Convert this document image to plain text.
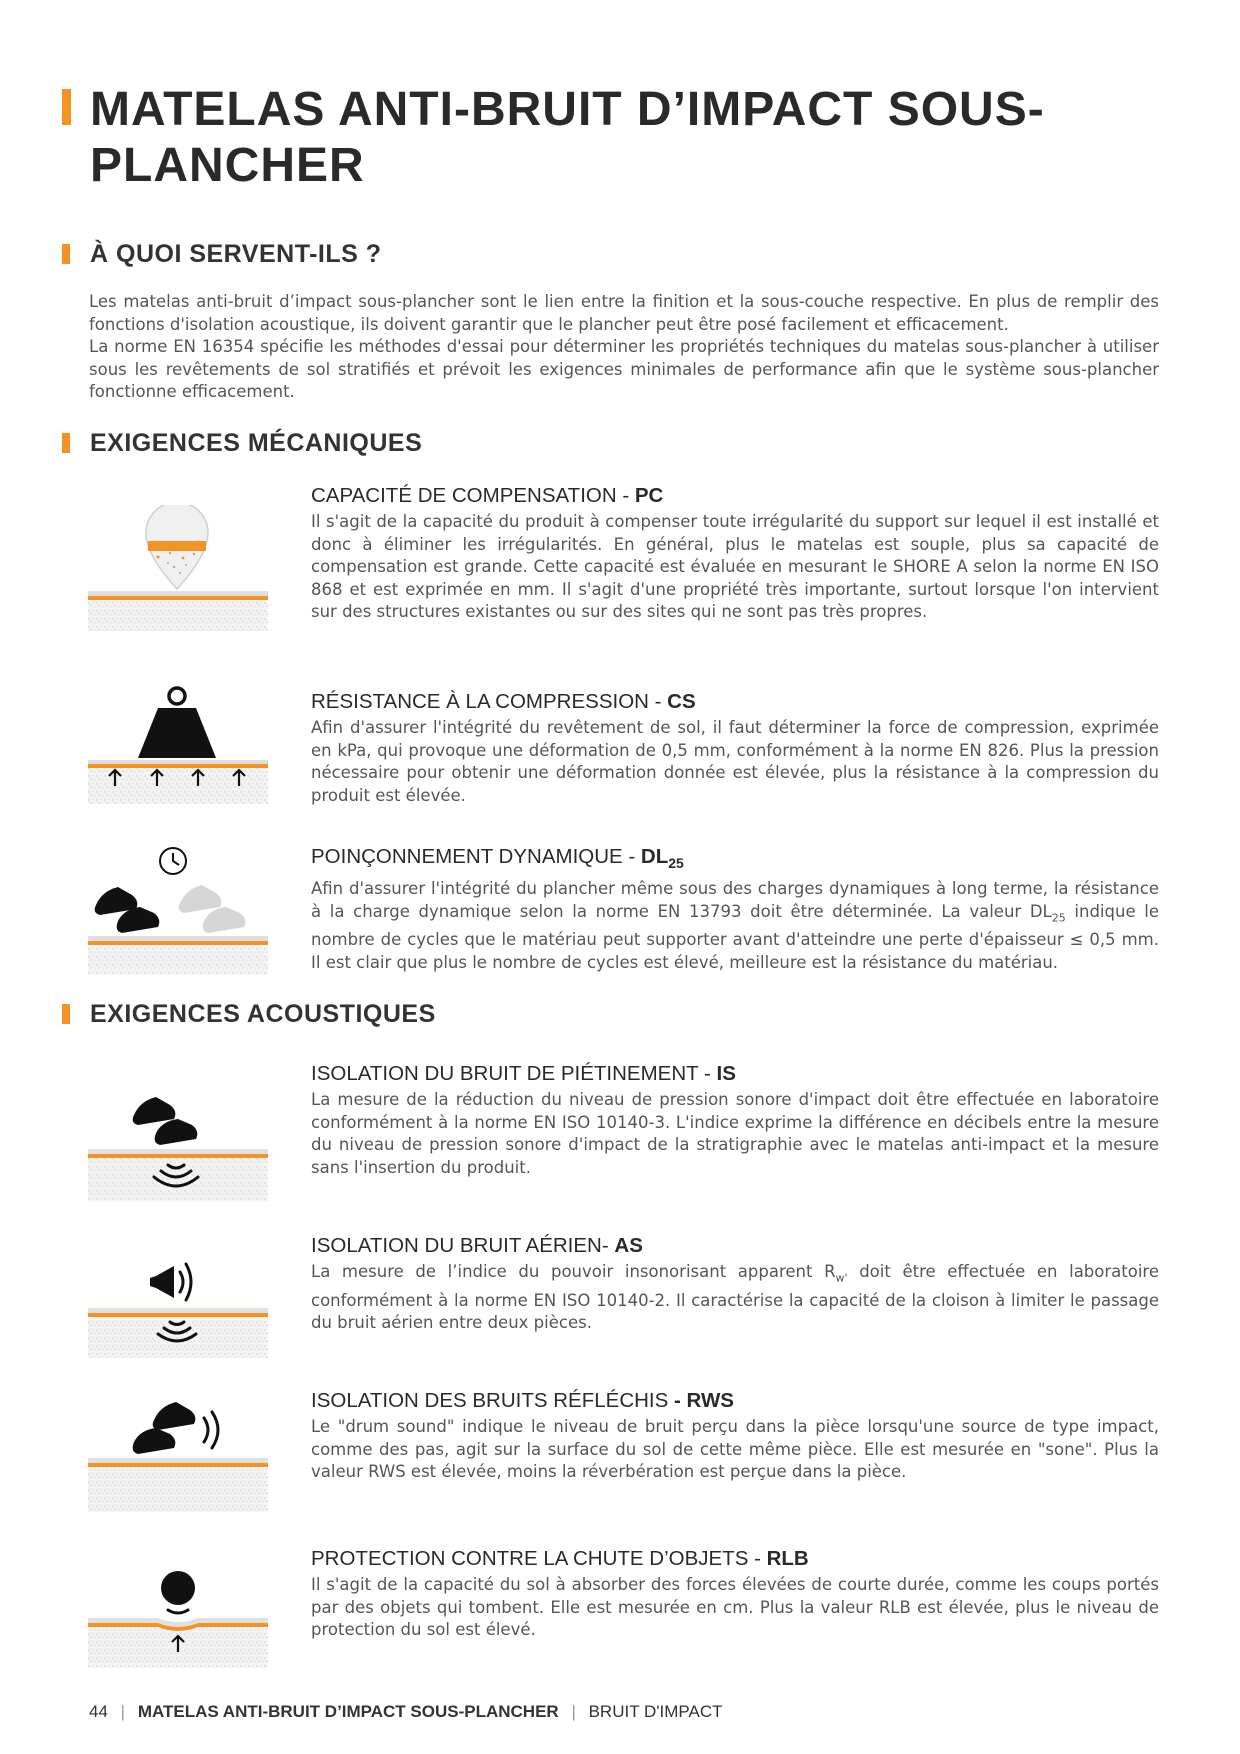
MATELAS ANTI-BRUIT D’IMPACT SOUS-PLANCHER
À QUOI SERVENT-ILS ?

Les matelas anti-bruit d’impact sous-plancher sont le lien entre la finition et la sous-couche respective. En plus de remplir des fonctions d'isolation acoustique, ils doivent garantir que le plancher peut être posé facilement et efficacement.

La norme EN 16354 spécifie les méthodes d'essai pour déterminer les propriétés techniques du matelas sous-plancher à utiliser sous les revêtements de sol stratifiés et prévoit les exigences minimales de performance afin que le système sous-plancher fonctionne efficacement.

EXIGENCES MÉCANIQUES

CAPACITÉ DE COMPENSATION - PC

Il s'agit de la capacité du produit à compenser toute irrégularité du support sur lequel il est installé et donc à éliminer les irrégularités. En général, plus le matelas est souple, plus sa capacité de compensation est grande. Cette capacité est évaluée en mesurant le SHORE A selon la norme EN ISO 868 et est exprimée en mm. Il s'agit d'une propriété très importante, surtout lorsque l'on intervient sur des structures existantes ou sur des sites qui ne sont pas très propres.

RÉSISTANCE À LA COMPRESSION - CS

Afin d'assurer l'intégrité du revêtement de sol, il faut déterminer la force de compression, exprimée en kPa, qui provoque une déformation de 0,5 mm, conformément à la norme EN 826. Plus la pression nécessaire pour obtenir une déformation donnée est élevée, plus la résistance à la compression du produit est élevée.

POINÇONNEMENT DYNAMIQUE - $DL_{25}$

Afin d'assurer l'intégrité du plancher même sous des charges dynamiques à long terme, la résistance à la charge dynamique selon la norme EN 13793 doit être déterminée. La valeur $DL_{25}$ indique le nombre de cycles que le matériau peut supporter avant d'atteindre une perte d'épaisseur ≤ 0,5 mm. Il est clair que plus le nombre de cycles est élevé, meilleure est la résistance du matériau.

EXIGENCES ACOUSTIQUES

ISOLATION DU BRUIT DE PIÉTINEMENT - IS

La mesure de la réduction du niveau de pression sonore d'impact doit être effectuée en laboratoire conformément à la norme EN ISO 10140-3. L'indice exprime la différence en décibels entre la mesure du niveau de pression sonore d'impact de la stratigraphie avec le matelas anti-impact et la mesure sans l'insertion du produit.

ISOLATION DU BRUIT AÉRIEN- AS

La mesure de l’indice du pouvoir insonorisant apparent $R_{w'}$ doit être effectuée en laboratoire conformément à la norme EN ISO 10140-2. Il caractérise la capacité de la cloison à limiter le passage du bruit aérien entre deux pièces.

ISOLATION DES BRUITS RÉFLÉCHIS - RWS

Le "drum sound" indique le niveau de bruit perçu dans la pièce lorsqu'une source de type impact, comme des pas, agit sur la surface du sol de cette même pièce. Elle est mesurée en "sone". Plus la valeur RWS est élevée, moins la réverbération est perçue dans la pièce.

PROTECTION CONTRE LA CHUTE D’OBJETS - RLB

Il s'agit de la capacité du sol à absorber des forces élevées de courte durée, comme les coups portés par des objets qui tombent. Elle est mesurée en cm. Plus la valeur RLB est élevée, plus le niveau de protection du sol est élevé.

44 | MATELAS ANTI-BRUIT D’IMPACT SOUS-PLANCHER | BRUIT D'IMPACT
